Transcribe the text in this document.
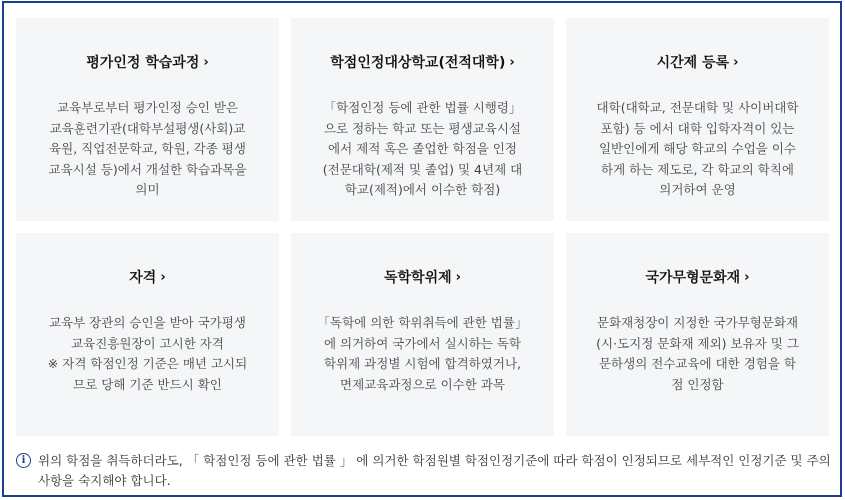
평가인정 학습과정 ›
교육부로부터 평가인정 승인 받은
교육훈련기관(대학부설평생(사회)교
육원, 직업전문학교, 학원, 각종 평생
교육시설 등)에서 개설한 학습과목을
의미
학점인정대상학교(전적대학) ›
「학점인정 등에 관한 법률 시행령」
으로 정하는 학교 또는 평생교육시설
에서 제적 혹은 졸업한 학점을 인정
(전문대학(제적 및 졸업) 및 4년제 대
학교(제적)에서 이수한 학점)
시간제 등록 ›
대학(대학교, 전문대학 및 사이버대학
포함) 등 에서 대학 입학자격이 있는
일반인에게 해당 학교의 수업을 이수
하게 하는 제도로, 각 학교의 학칙에
의거하여 운영
자격 ›
교육부 장관의 승인을 받아 국가평생
교육진흥원장이 고시한 자격
※ 자격 학점인정 기준은 매년 고시되
므로 당해 기준 반드시 확인
독학학위제 ›
「독학에 의한 학위취득에 관한 법률」
에 의거하여 국가에서 실시하는 독학
학위제 과정별 시험에 합격하였거나,
면제교육과정으로 이수한 과목
국가무형문화재 ›
문화재청장이 지정한 국가무형문화재
(시·도지정 문화재 제외) 보유자 및 그
문하생의 전수교육에 대한 경험을 학
점 인정함
i	위의 학점을 취득하더라도, 「 학점인정 등에 관한 법률 」 에 의거한 학점원별 학점인정기준에 따라 학점이 인정되므로 세부적인 인정기준 및 주의사항을 숙지해야 합니다.
